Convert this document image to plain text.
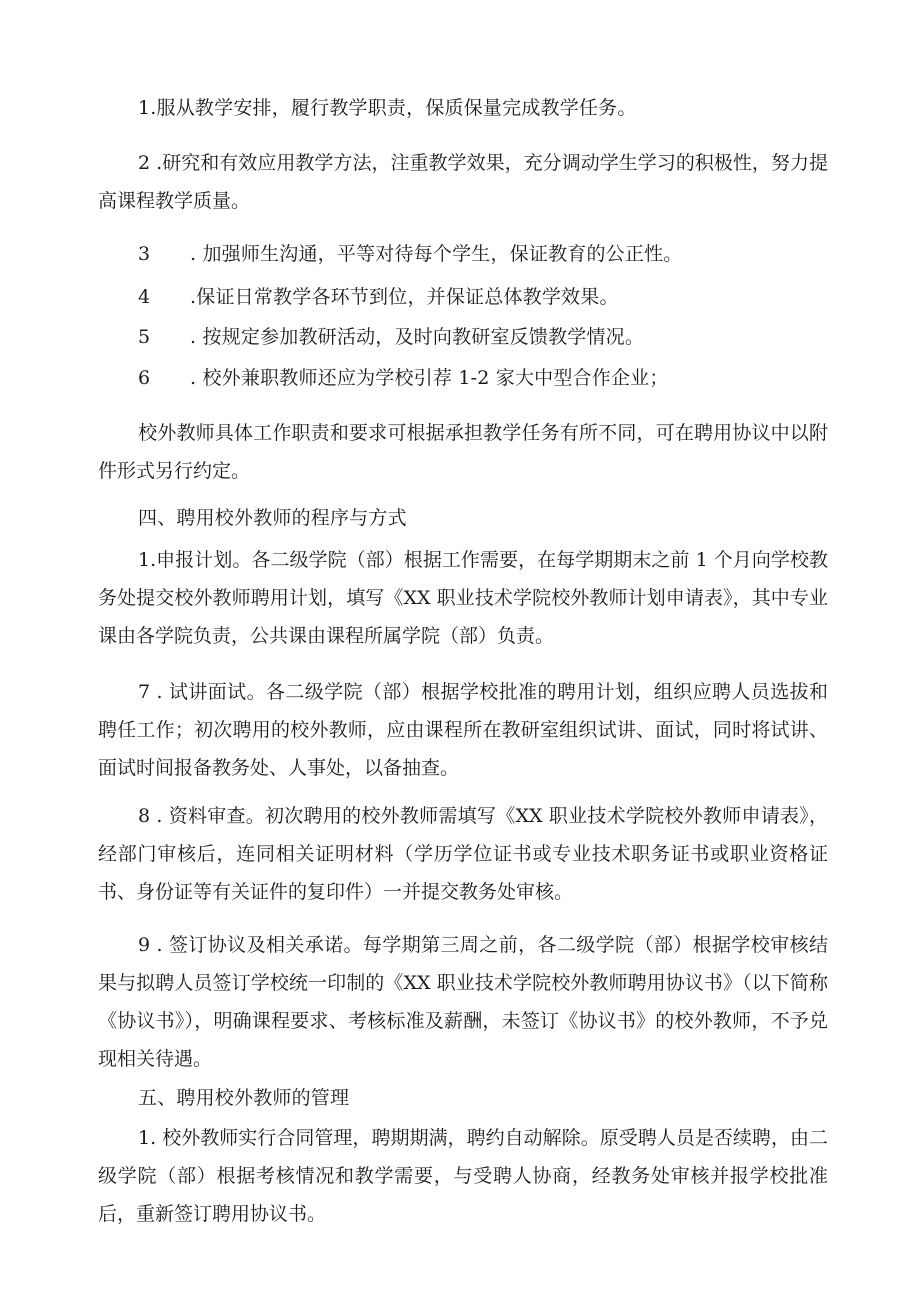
1.服从教学安排，履行教学职责，保质保量完成教学任务。
2 .研究和有效应用教学方法，注重教学效果，充分调动学生学习的积极性，努力提高课程教学质量。
3 . 加强师生沟通，平等对待每个学生，保证教育的公正性。
4 .保证日常教学各环节到位，并保证总体教学效果。
5 . 按规定参加教研活动，及时向教研室反馈教学情况。
6 . 校外兼职教师还应为学校引荐 1-2 家大中型合作企业；
校外教师具体工作职责和要求可根据承担教学任务有所不同，可在聘用协议中以附件形式另行约定。
四、聘用校外教师的程序与方式
1.申报计划。各二级学院（部）根据工作需要，在每学期期末之前 1 个月向学校教务处提交校外教师聘用计划，填写《XX 职业技术学院校外教师计划申请表》，其中专业课由各学院负责，公共课由课程所属学院（部）负责。
7 . 试讲面试。各二级学院（部）根据学校批准的聘用计划，组织应聘人员选拔和聘任工作；初次聘用的校外教师，应由课程所在教研室组织试讲、面试，同时将试讲、面试时间报备教务处、人事处，以备抽查。
8 . 资料审查。初次聘用的校外教师需填写《XX 职业技术学院校外教师申请表》，经部门审核后，连同相关证明材料（学历学位证书或专业技术职务证书或职业资格证书、身份证等有关证件的复印件）一并提交教务处审核。
9 . 签订协议及相关承诺。每学期第三周之前，各二级学院（部）根据学校审核结果与拟聘人员签订学校统一印制的《XX 职业技术学院校外教师聘用协议书》（以下简称《协议书》），明确课程要求、考核标准及薪酬，未签订《协议书》的校外教师，不予兑现相关待遇。
五、聘用校外教师的管理
1. 校外教师实行合同管理，聘期期满，聘约自动解除。原受聘人员是否续聘，由二级学院（部）根据考核情况和教学需要，与受聘人协商，经教务处审核并报学校批准后，重新签订聘用协议书。
